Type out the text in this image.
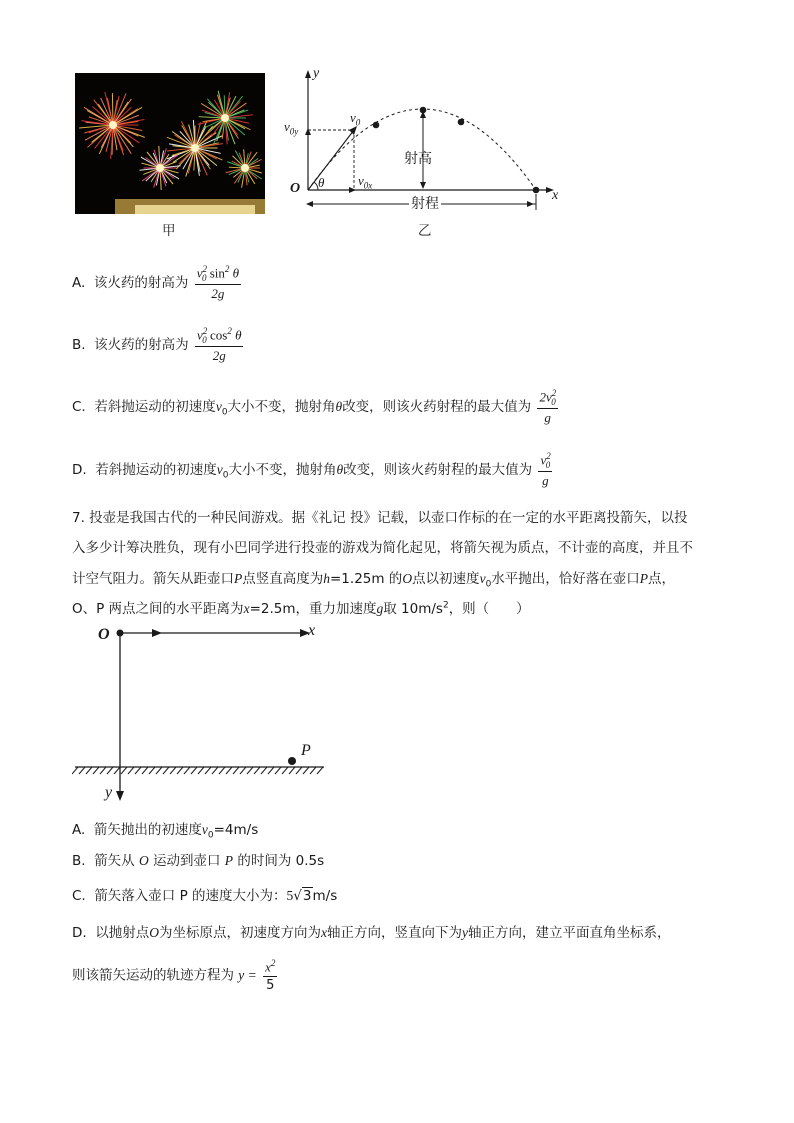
甲
y
x
O
$v_{0y}$
$v_0$
θ	$v_{0x}$
射高
射程
乙
A. 该火药的射高为 $\frac{v^2_0 \sin^2 \theta}{2g}$
B. 该火药的射高为 $\frac{v^2_0 \cos^2 \theta}{2g}$
C. 若斜抛运动的初速度$v_0$大小不变，抛射角θ改变，则该火药射程的最大值为 $\frac{2v^2_0}{g}$
D. 若斜抛运动的初速度$v_0$大小不变，抛射角θ改变，则该火药射程的最大值为 $\frac{v^2_0}{g}$
7. 投壶是我国古代的一种民间游戏。据《礼记 投》记载，以壶口作标的在一定的水平距离投箭矢，以投
入多少计筹决胜负，现有小巴同学进行投壶的游戏为简化起见，将箭矢视为质点，不计壶的高度，并且不
计空气阻力。箭矢从距壶口P点竖直高度为h=1.25m 的O点以初速度$v_0$水平抛出，恰好落在壶口P点，
O、P 两点之间的水平距离为x=2.5m，重力加速度g取 $10m/s^2$，则（　　）
O	x
y
P
A. 箭矢抛出的初速度$v_0=4m/s$
B. 箭矢从 O 运动到壶口 P 的时间为 0.5s
C. 箭矢落入壶口 P 的速度大小为：5√3m/s
D. 以抛射点O为坐标原点，初速度方向为x轴正方向，竖直向下为y轴正方向，建立平面直角坐标系，
则该箭矢运动的轨迹方程为 $y = \frac{x^2}{5}$
